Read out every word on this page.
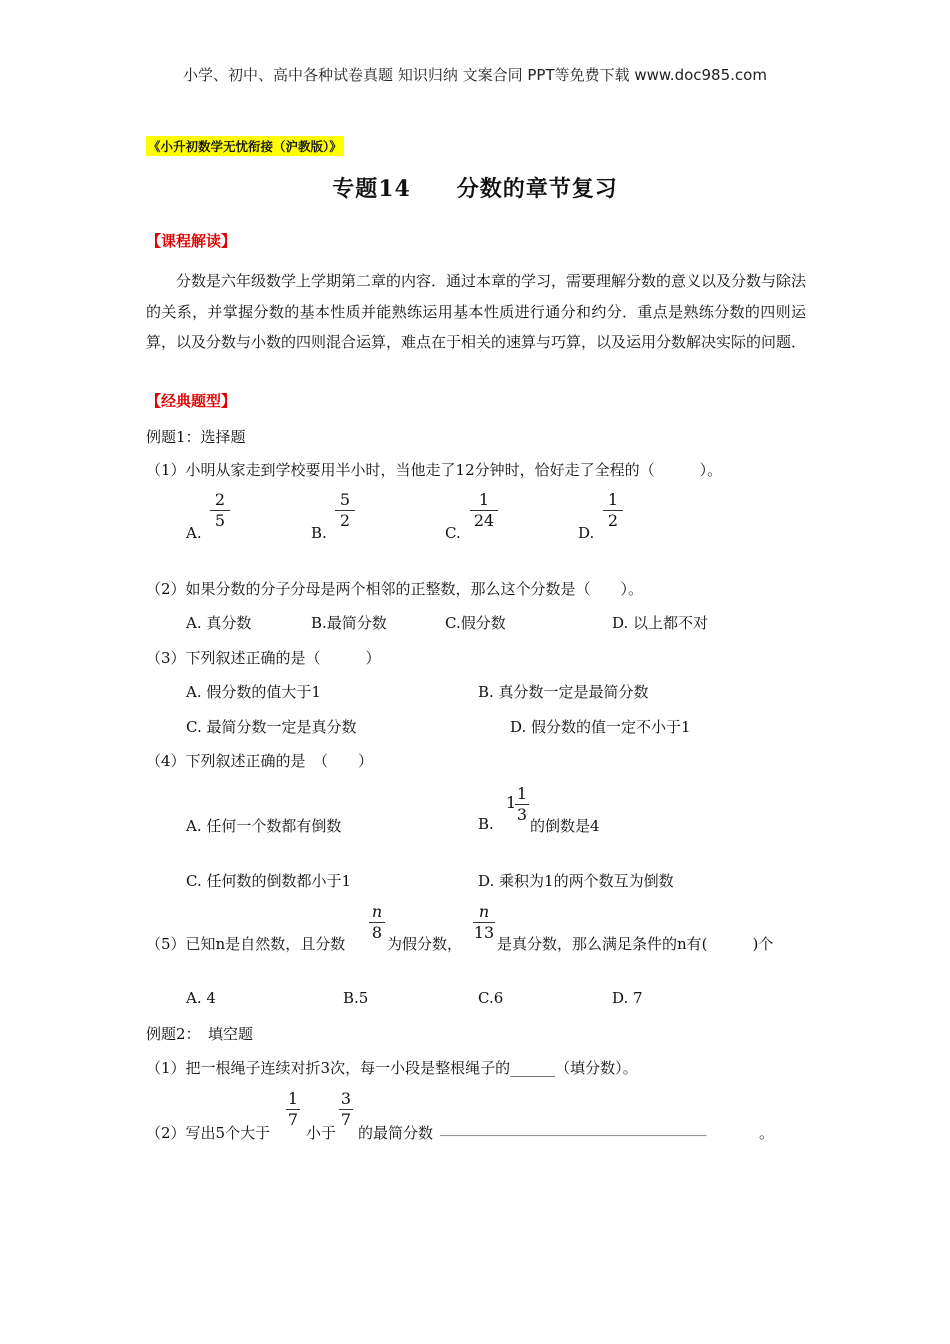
小学、初中、高中各种试卷真题 知识归纳 文案合同 PPT等免费下载 www.doc985.com
《小升初数学无忧衔接（沪教版）》
专题14　　分数的章节复习
【课程解读】
分数是六年级数学上学期第二章的内容．通过本章的学习，需要理解分数的意义以及分数与除法的关系，并掌握分数的基本性质并能熟练运用基本性质进行通分和约分．重点是熟练分数的四则运算，以及分数与小数的四则混合运算，难点在于相关的速算与巧算，以及运用分数解决实际的问题．
【经典题型】
例题1：选择题
（1）小明从家走到学校要用半小时，当他走了12分钟时，恰好走了全程的（　　　）。
A.
2
5
B.
5
2
C.
1
24
D.
1
2
（2）如果分数的分子分母是两个相邻的正整数，那么这个分数是（　　）。
A. 真分数	B.最简分数	C.假分数	D. 以上都不对
（3）下列叙述正确的是（　　　）
A. 假分数的值大于1	B. 真分数一定是最简分数
C. 最简分数一定是真分数	D. 假分数的值一定不小于1
（4）下列叙述正确的是　（　　）
A. 任何一个数都有倒数	B.
1 1
3
的倒数是4
C. 任何数的倒数都小于1	D. 乘积为1的两个数互为倒数
（5）已知n是自然数，且分数
n
8
为假分数，
n
13
是真分数，那么满足条件的n有(　　　)个
A. 4	B.5	C.6	D. 7
例题2：　填空题
（1）把一根绳子连续对折3次，每一小段是整根绳子的______（填分数）。
（2）写出5个大于
1
7
小于
3
7
的最简分数 _________________________________________	。
